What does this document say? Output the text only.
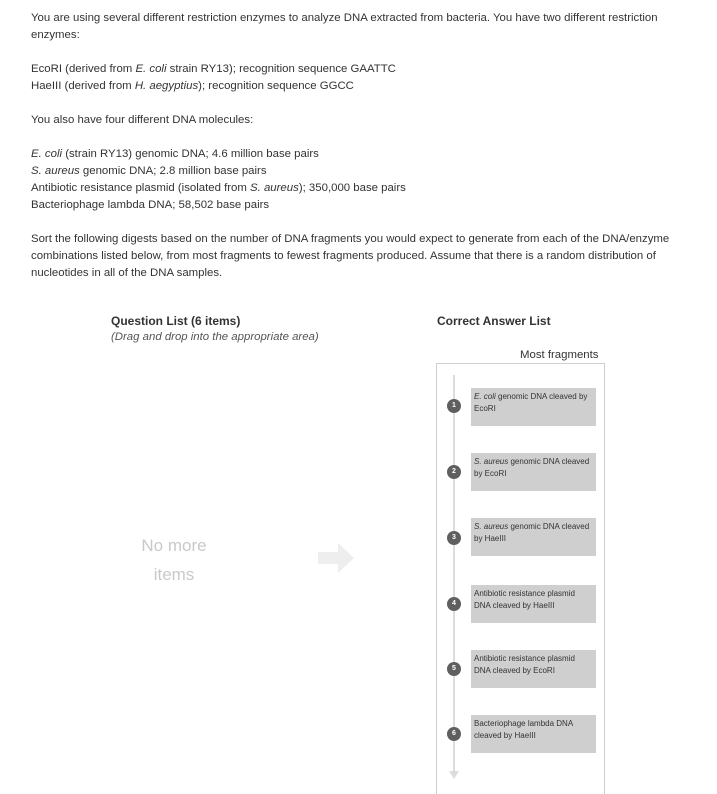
You are using several different restriction enzymes to analyze DNA extracted from bacteria. You have two different restriction enzymes:

EcoRI (derived from E. coli strain RY13); recognition sequence GAATTC

HaeIII (derived from H. aegyptius); recognition sequence GGCC

You also have four different DNA molecules:

E. coli (strain RY13) genomic DNA; 4.6 million base pairs

S. aureus genomic DNA; 2.8 million base pairs

Antibiotic resistance plasmid (isolated from S. aureus); 350,000 base pairs

Bacteriophage lambda DNA; 58,502 base pairs

Sort the following digests based on the number of DNA fragments you would expect to generate from each of the DNA/enzyme combinations listed below, from most fragments to fewest fragments produced. Assume that there is a random distribution of nucleotides in all of the DNA samples.

Question List (6 items)
(Drag and drop into the appropriate area)
No more
items
Correct Answer List
Most fragments
1
E. coli genomic DNA cleaved by EcoRI
2
S. aureus genomic DNA cleaved by EcoRI
3
S. aureus genomic DNA cleaved by HaeIII
4
Antibiotic resistance plasmid DNA cleaved by HaeIII
5
Antibiotic resistance plasmid DNA cleaved by EcoRI
6
Bacteriophage lambda DNA cleaved by HaeIII
